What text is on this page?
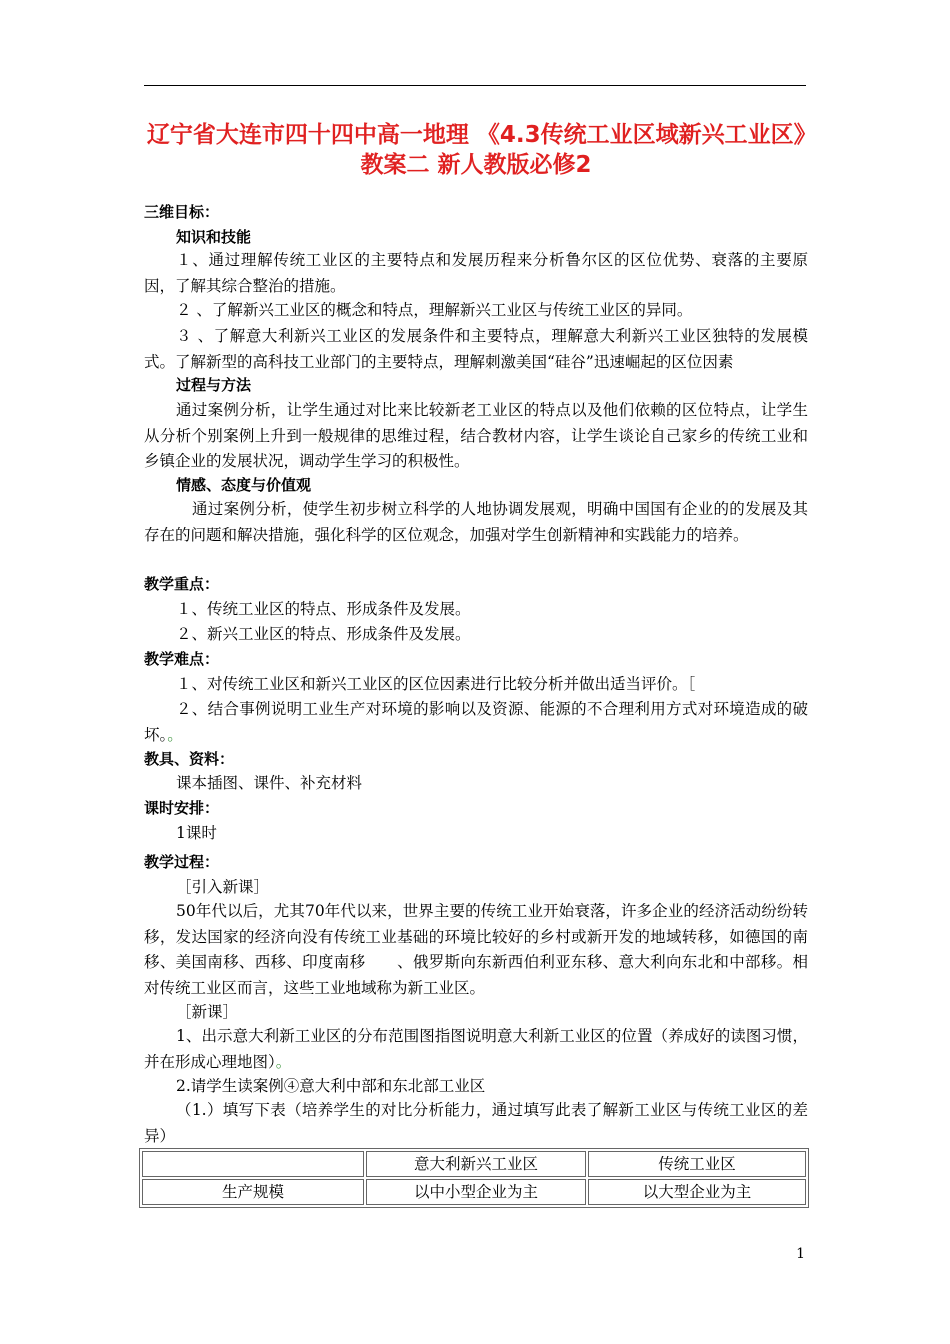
辽宁省大连市四十四中高一地理 《4.3传统工业区域新兴工业区》教案二 新人教版必修2
三维目标：
知识和技能
１、通过理解传统工业区的主要特点和发展历程来分析鲁尔区的区位优势、衰落的主要原因，了解其综合整治的措施。
２ 、了解新兴工业区的概念和特点，理解新兴工业区与传统工业区的异同。
３ 、了解意大利新兴工业区的发展条件和主要特点，理解意大利新兴工业区独特的发展模式。了解新型的高科技工业部门的主要特点，理解刺激美国“硅谷”迅速崛起的区位因素
过程与方法
通过案例分析，让学生通过对比来比较新老工业区的特点以及他们依赖的区位特点，让学生从分析个别案例上升到一般规律的思维过程，结合教材内容，让学生谈论自己家乡的传统工业和乡镇企业的发展状况，调动学生学习的积极性。
情感、态度与价值观
通过案例分析，使学生初步树立科学的人地协调发展观，明确中国国有企业的的发展及其存在的问题和解决措施，强化科学的区位观念，加强对学生创新精神和实践能力的培养。
教学重点：
１、传统工业区的特点、形成条件及发展。
２、新兴工业区的特点、形成条件及发展。
教学难点：
１、对传统工业区和新兴工业区的区位因素进行比较分析并做出适当评价。［
２、结合事例说明工业生产对环境的影响以及资源、能源的不合理利用方式对环境造成的破坏。。
教具、资料：
课本插图、课件、补充材料
课时安排：
1课时
教学过程：
［引入新课］
50年代以后，尤其70年代以来，世界主要的传统工业开始衰落，许多企业的经济活动纷纷转移，发达国家的经济向没有传统工业基础的环境比较好的乡村或新开发的地域转移，如德国的南移、美国南移、西移、印度南移　　、俄罗斯向东新西伯利亚东移、意大利向东北和中部移。相对传统工业区而言，这些工业地域称为新工业区。
［新课］
1、出示意大利新工业区的分布范围图指图说明意大利新工业区的位置（养成好的读图习惯，并在形成心理地图）。
2.请学生读案例④意大利中部和东北部工业区
（1.）填写下表（培养学生的对比分析能力，通过填写此表了解新工业区与传统工业区的差异）
	意大利新兴工业区	传统工业区
生产规模	以中小型企业为主	以大型企业为主
1
